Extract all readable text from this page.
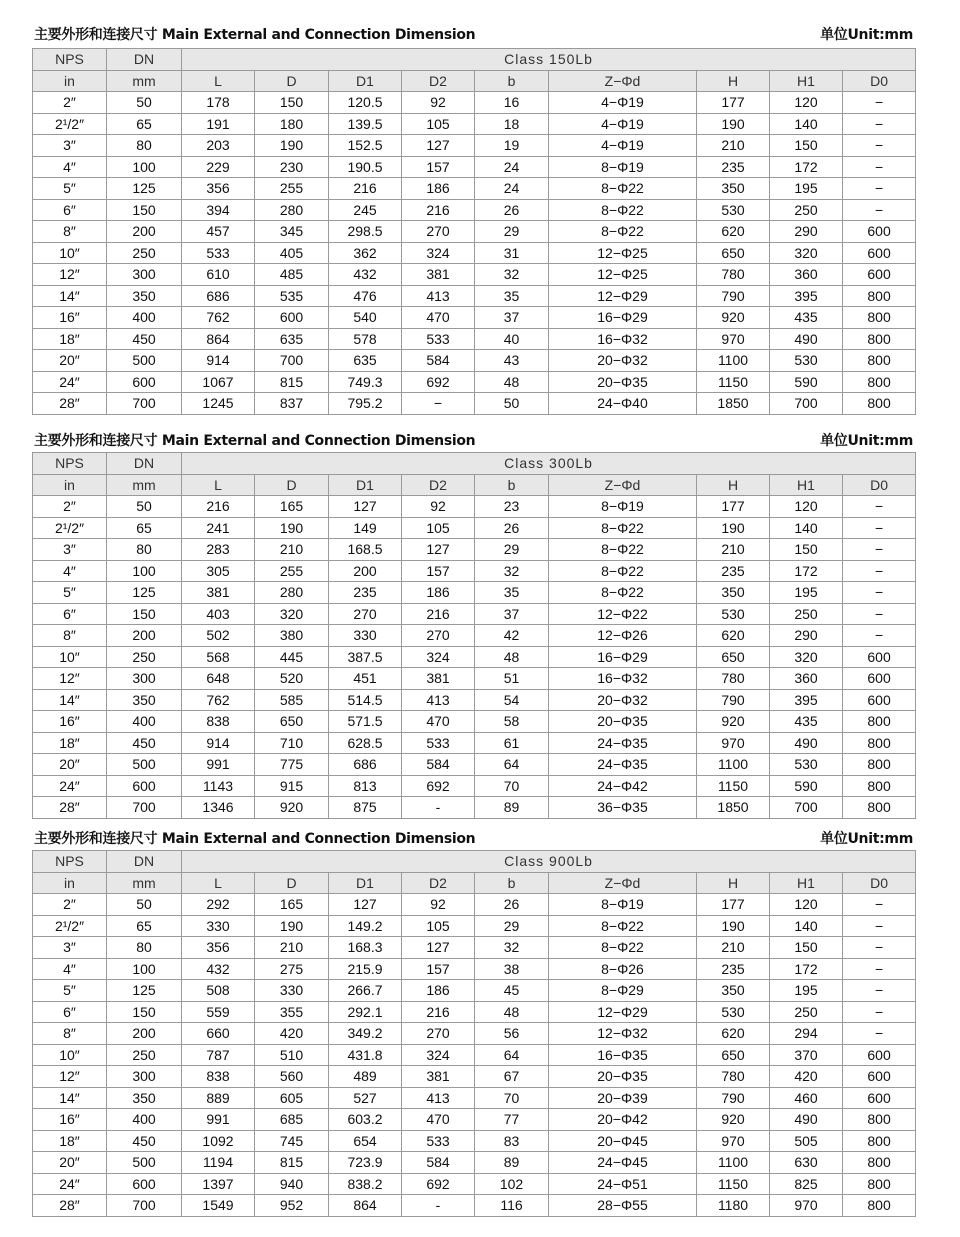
主要外形和连接尺寸 Main External and Connection Dimension	单位Unit:mm
NPS	DN	Class 150Lb								
in	mm	L	D	D1	D2	b	Z−Φd	H	H1	D0
2″	50	178	150	120.5	92	16	4−Φ19	177	120	−
2¹/2″	65	191	180	139.5	105	18	4−Φ19	190	140	−
3″	80	203	190	152.5	127	19	4−Φ19	210	150	−
4″	100	229	230	190.5	157	24	8−Φ19	235	172	−
5″	125	356	255	216	186	24	8−Φ22	350	195	−
6″	150	394	280	245	216	26	8−Φ22	530	250	−
8″	200	457	345	298.5	270	29	8−Φ22	620	290	600
10″	250	533	405	362	324	31	12−Φ25	650	320	600
12″	300	610	485	432	381	32	12−Φ25	780	360	600
14″	350	686	535	476	413	35	12−Φ29	790	395	800
16″	400	762	600	540	470	37	16−Φ29	920	435	800
18″	450	864	635	578	533	40	16−Φ32	970	490	800
20″	500	914	700	635	584	43	20−Φ32	1100	530	800
24″	600	1067	815	749.3	692	48	20−Φ35	1150	590	800
28″	700	1245	837	795.2	−	50	24−Φ40	1850	700	800
主要外形和连接尺寸 Main External and Connection Dimension	单位Unit:mm
NPS	DN	Class 300Lb								
in	mm	L	D	D1	D2	b	Z−Φd	H	H1	D0
2″	50	216	165	127	92	23	8−Φ19	177	120	−
2¹/2″	65	241	190	149	105	26	8−Φ22	190	140	−
3″	80	283	210	168.5	127	29	8−Φ22	210	150	−
4″	100	305	255	200	157	32	8−Φ22	235	172	−
5″	125	381	280	235	186	35	8−Φ22	350	195	−
6″	150	403	320	270	216	37	12−Φ22	530	250	−
8″	200	502	380	330	270	42	12−Φ26	620	290	−
10″	250	568	445	387.5	324	48	16−Φ29	650	320	600
12″	300	648	520	451	381	51	16−Φ32	780	360	600
14″	350	762	585	514.5	413	54	20−Φ32	790	395	600
16″	400	838	650	571.5	470	58	20−Φ35	920	435	800
18″	450	914	710	628.5	533	61	24−Φ35	970	490	800
20″	500	991	775	686	584	64	24−Φ35	1100	530	800
24″	600	1143	915	813	692	70	24−Φ42	1150	590	800
28″	700	1346	920	875	-	89	36−Φ35	1850	700	800
主要外形和连接尺寸 Main External and Connection Dimension	单位Unit:mm
NPS	DN	Class 900Lb								
in	mm	L	D	D1	D2	b	Z−Φd	H	H1	D0
2″	50	292	165	127	92	26	8−Φ19	177	120	−
2¹/2″	65	330	190	149.2	105	29	8−Φ22	190	140	−
3″	80	356	210	168.3	127	32	8−Φ22	210	150	−
4″	100	432	275	215.9	157	38	8−Φ26	235	172	−
5″	125	508	330	266.7	186	45	8−Φ29	350	195	−
6″	150	559	355	292.1	216	48	12−Φ29	530	250	−
8″	200	660	420	349.2	270	56	12−Φ32	620	294	−
10″	250	787	510	431.8	324	64	16−Φ35	650	370	600
12″	300	838	560	489	381	67	20−Φ35	780	420	600
14″	350	889	605	527	413	70	20−Φ39	790	460	600
16″	400	991	685	603.2	470	77	20−Φ42	920	490	800
18″	450	1092	745	654	533	83	20−Φ45	970	505	800
20″	500	1194	815	723.9	584	89	24−Φ45	1100	630	800
24″	600	1397	940	838.2	692	102	24−Φ51	1150	825	800
28″	700	1549	952	864	-	116	28−Φ55	1180	970	800
